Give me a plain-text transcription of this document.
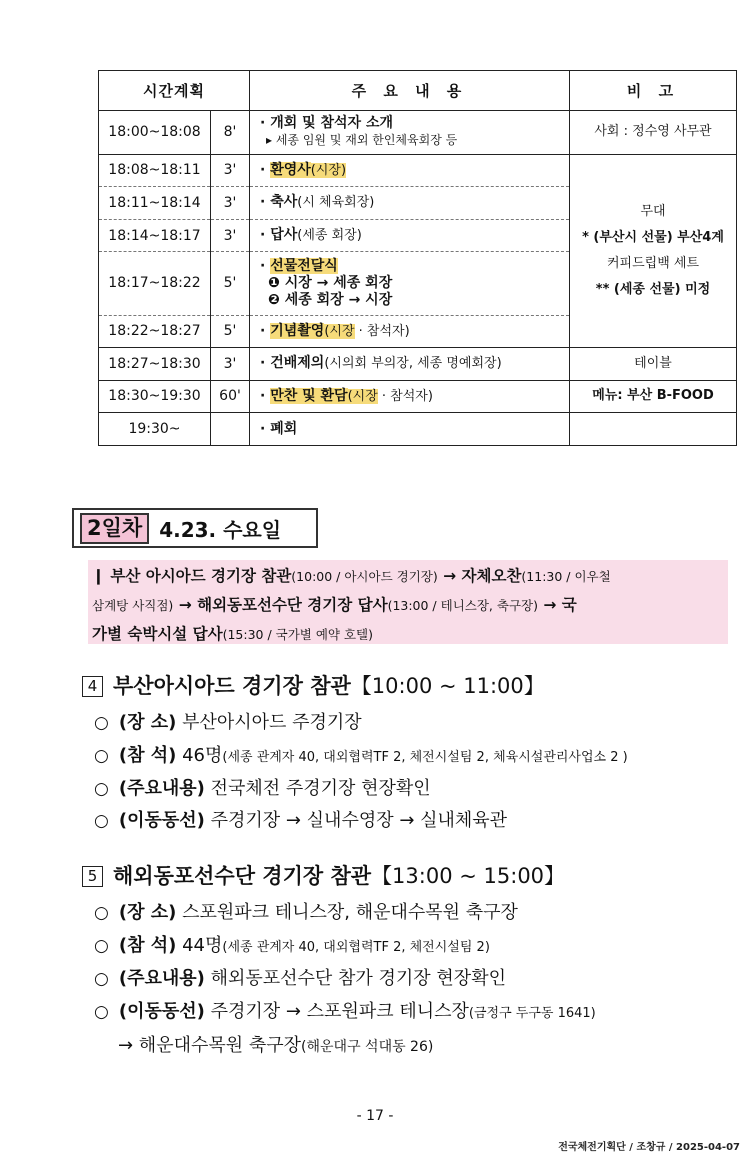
시간계획		주 요 내 용	비 고
18:00~18:08	8'	· 개회 및 참석자 소개
▸ 세종 임원 및 재외 한인체육회장 등	사회 : 정수영 사무관
18:08~18:11	3'	· 환영사(시장)	무대
* (부산시 선물) 부산4계
커피드립백 세트
** (세종 선물) 미정

18:11~18:14	3'	· 축사(시 체육회장)	
18:14~18:17	3'	· 답사(세종 회장)	
18:17~18:22	5'	· 선물전달식
❶ 시장 → 세종 회장
❷ 세종 회장 → 시장	

18:22~18:27	5'	· 기념촬영(시장 · 참석자)	
18:27~18:30	3'	· 건배제의(시의회 부의장, 세종 명예회장)	테이블
18:30~19:30	60'	· 만찬 및 환담(시장 · 참석자)	메뉴: 부산 B-FOOD
19:30~		· 폐회	
2일차 4.23. 수요일
❙ 부산 아시아드 경기장 참관(10:00 / 아시아드 경기장) → 자체오찬(11:30 / 이우철
삼계탕 사직점) → 해외동포선수단 경기장 답사(13:00 / 테니스장, 축구장) → 국
가별 숙박시설 답사(15:30 / 국가별 예약 호텔)
4 부산아시아드 경기장 참관【10:00 ~ 11:00】
○ (장 소) 부산아시아드 주경기장
○ (참 석) 46명(세종 관계자 40, 대외협력TF 2, 체전시설팀 2, 체육시설관리사업소 2 )
○ (주요내용) 전국체전 주경기장 현장확인
○ (이동동선) 주경기장 → 실내수영장 → 실내체육관
5 해외동포선수단 경기장 참관【13:00 ~ 15:00】
○ (장 소) 스포원파크 테니스장, 해운대수목원 축구장
○ (참 석) 44명(세종 관계자 40, 대외협력TF 2, 체전시설팀 2)
○ (주요내용) 해외동포선수단 참가 경기장 현장확인
○ (이동동선) 주경기장 → 스포원파크 테니스장(금정구 두구동 1641)
→ 해운대수목원 축구장(해운대구 석대동 26)
- 17 -
전국체전기획단 / 조창규 / 2025-04-07
